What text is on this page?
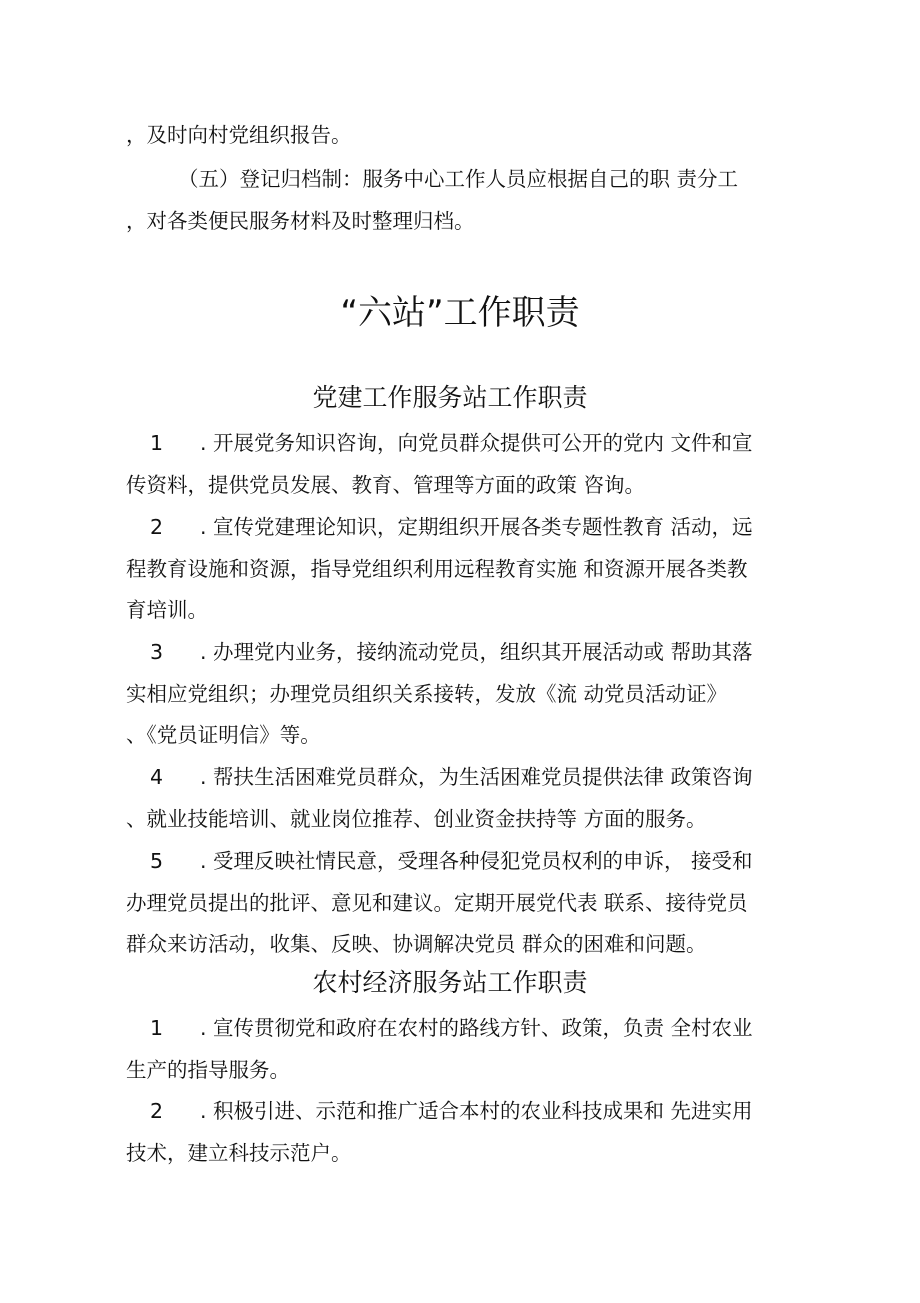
，及时向村党组织报告。
（五）登记归档制：服务中心工作人员应根据自己的职 责分工
，对各类便民服务材料及时整理归档。
“六站”工作职责
党建工作服务站工作职责
1 . 开展党务知识咨询，向党员群众提供可公开的党内 文件和宣
传资料，提供党员发展、教育、管理等方面的政策 咨询。
2 . 宣传党建理论知识，定期组织开展各类专题性教育 活动，远
程教育设施和资源，指导党组织利用远程教育实施 和资源开展各类教
育培训。
3 . 办理党内业务，接纳流动党员，组织其开展活动或 帮助其落
实相应党组织；办理党员组织关系接转，发放《流 动党员活动证》
、《党员证明信》等。
4 . 帮扶生活困难党员群众，为生活困难党员提供法律 政策咨询
、就业技能培训、就业岗位推荐、创业资金扶持等 方面的服务。
5 . 受理反映社情民意，受理各种侵犯党员权利的申诉， 接受和
办理党员提出的批评、意见和建议。定期开展党代表 联系、接待党员
群众来访活动，收集、反映、协调解决党员 群众的困难和问题。
农村经济服务站工作职责
1 . 宣传贯彻党和政府在农村的路线方针、政策，负责 全村农业
生产的指导服务。
2 . 积极引进、示范和推广适合本村的农业科技成果和 先进实用
技术，建立科技示范户。
